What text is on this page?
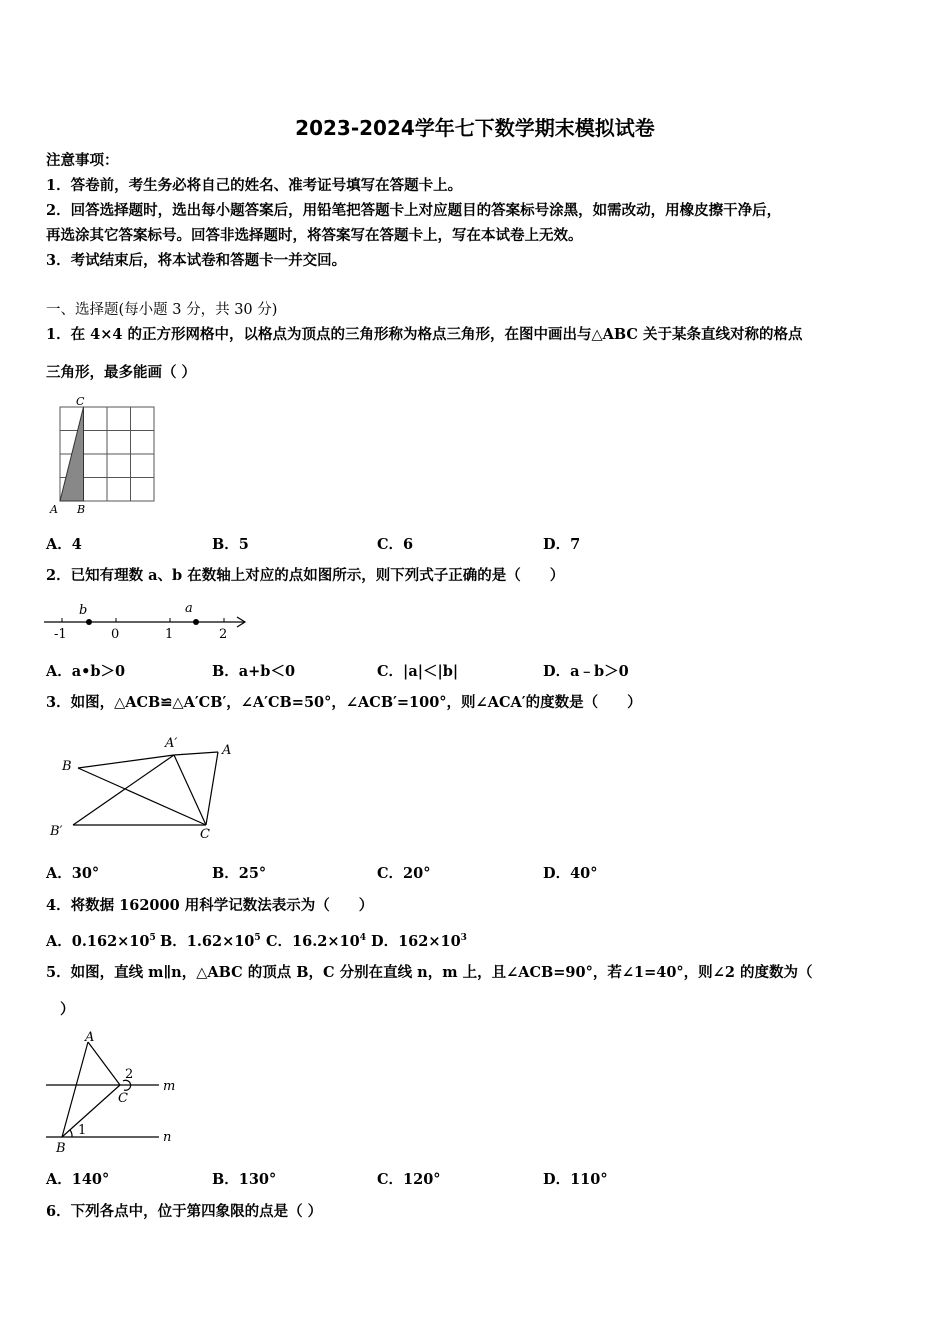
2023-2024学年七下数学期末模拟试卷
注意事项：
1．答卷前，考生务必将自己的姓名、准考证号填写在答题卡上。
2．回答选择题时，选出每小题答案后，用铅笔把答题卡上对应题目的答案标号涂黑，如需改动，用橡皮擦干净后，
再选涂其它答案标号。回答非选择题时，将答案写在答题卡上，写在本试卷上无效。
3．考试结束后，将本试卷和答题卡一并交回。
一、选择题(每小题 3 分，共 30 分)
1．在 4×4 的正方形网格中，以格点为顶点的三角形称为格点三角形，在图中画出与△ABC 关于某条直线对称的格点
三角形，最多能画（ ）
C
A B
A．4	B．5	C．6	D．7
2．已知有理数 a、b 在数轴上对应的点如图所示，则下列式子正确的是（　　）
-1	0	1	2
b	a
A．a•b＞0	B．a+b＜0	C．|a|＜|b|	D．a﹣b＞0
3．如图，△ACB≌△A′CB′，∠A′CB=50°，∠ACB′=100°，则∠ACA′的度数是（　　）
A′	A
B
B′	C
A．30°	B．25°	C．20°	D．40°
4．将数据 162000 用科学记数法表示为（　　）
A．$0.162\times 10^5$ B．$1.62\times 10^5$ C．$16.2\times 10^4$ D．$162\times 10^3$
5．如图，直线 m∥n，△ABC 的顶点 B，C 分别在直线 n，m 上，且∠ACB=90°，若∠1=40°，则∠2 的度数为（
）
A
2
C
m
1	n
B
A．140°	B．130°	C．120°	D．110°
6．下列各点中，位于第四象限的点是（ ）
